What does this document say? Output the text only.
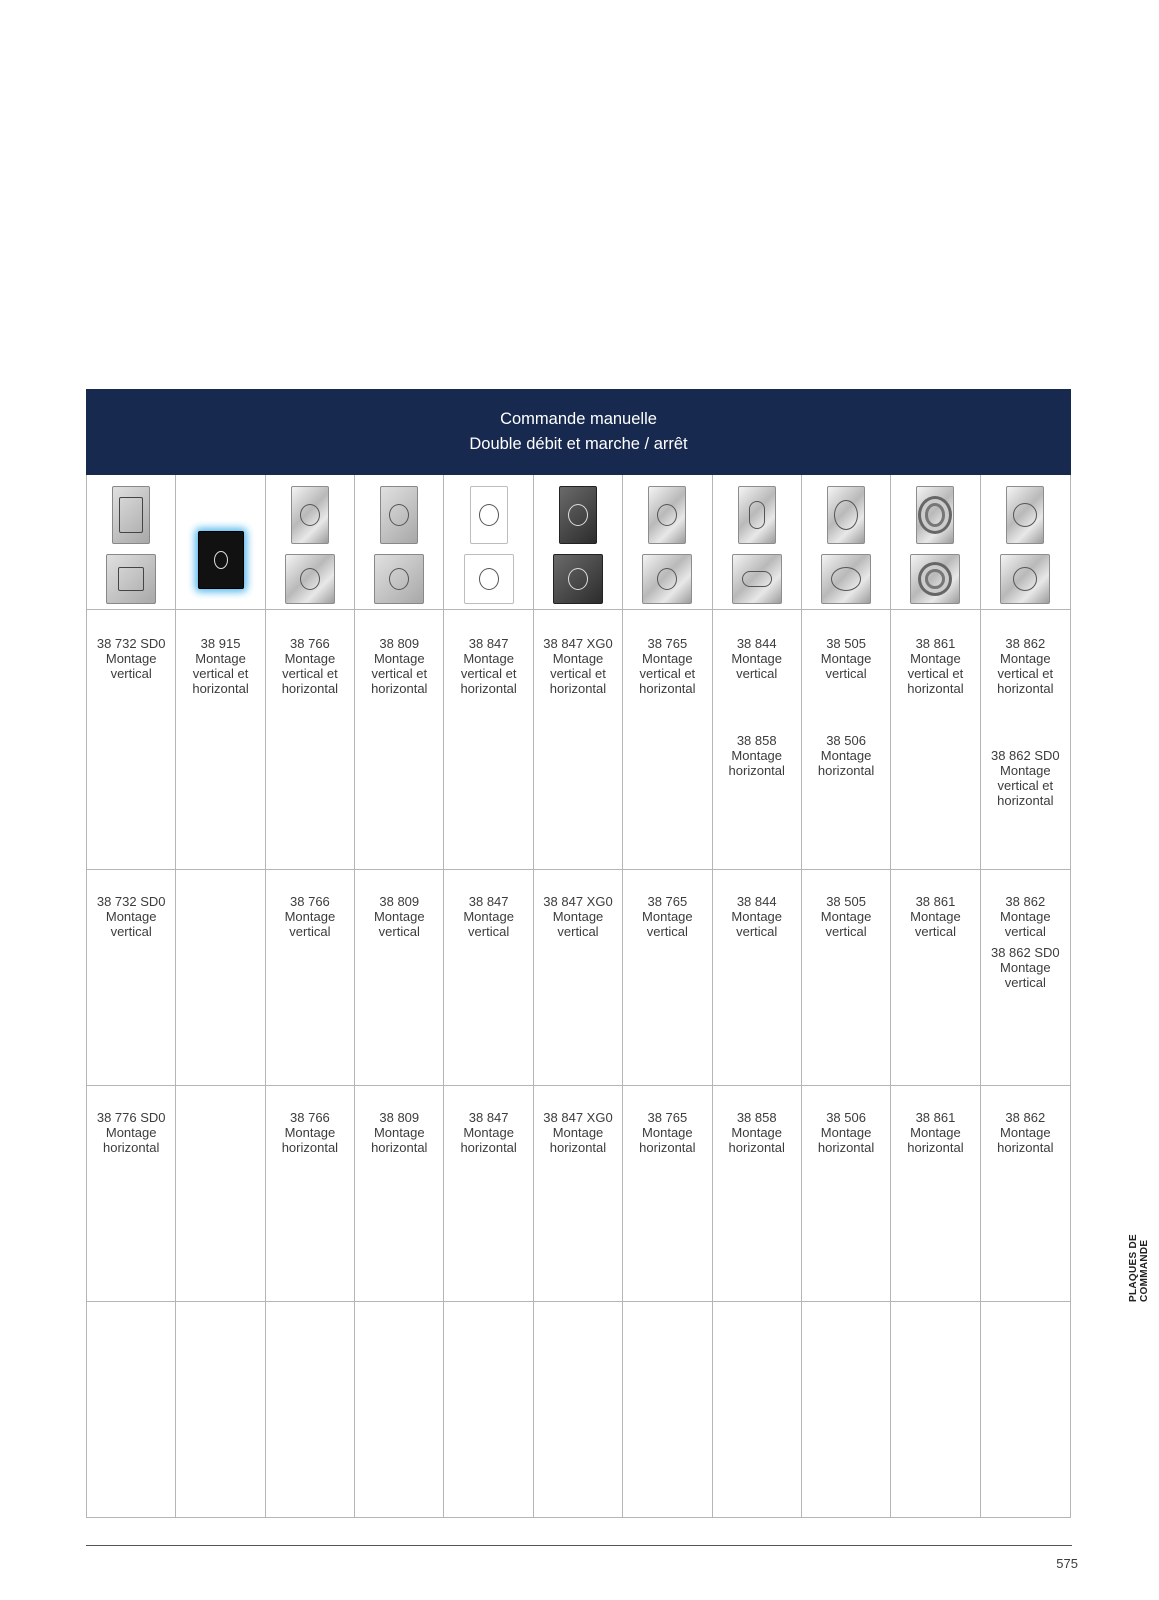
Commande manuelle
Double débit et marche / arrêt
38 732 SD0
Montage
vertical
38 915
Montage
vertical et
horizontal
38 766
Montage
vertical et
horizontal
38 809
Montage
vertical et
horizontal
38 847
Montage
vertical et
horizontal
38 847 XG0
Montage
vertical et
horizontal
38 765
Montage
vertical et
horizontal
38 844
Montage
vertical
38 858
Montage
horizontal
38 505
Montage
vertical
38 506
Montage
horizontal
38 861
Montage
vertical et
horizontal
38 862
Montage
vertical et
horizontal
38 862 SD0
Montage
vertical et
horizontal
38 732 SD0
Montage
vertical
38 766
Montage
vertical
38 809
Montage
vertical
38 847
Montage
vertical
38 847 XG0
Montage
vertical
38 765
Montage
vertical
38 844
Montage
vertical
38 505
Montage
vertical
38 861
Montage
vertical
38 862
Montage
vertical
38 862 SD0
Montage
vertical
38 776 SD0
Montage
horizontal
38 766
Montage
horizontal
38 809
Montage
horizontal
38 847
Montage
horizontal
38 847 XG0
Montage
horizontal
38 765
Montage
horizontal
38 858
Montage
horizontal
38 506
Montage
horizontal
38 861
Montage
horizontal
38 862
Montage
horizontal
PLAQUES DE COMMANDE
575
